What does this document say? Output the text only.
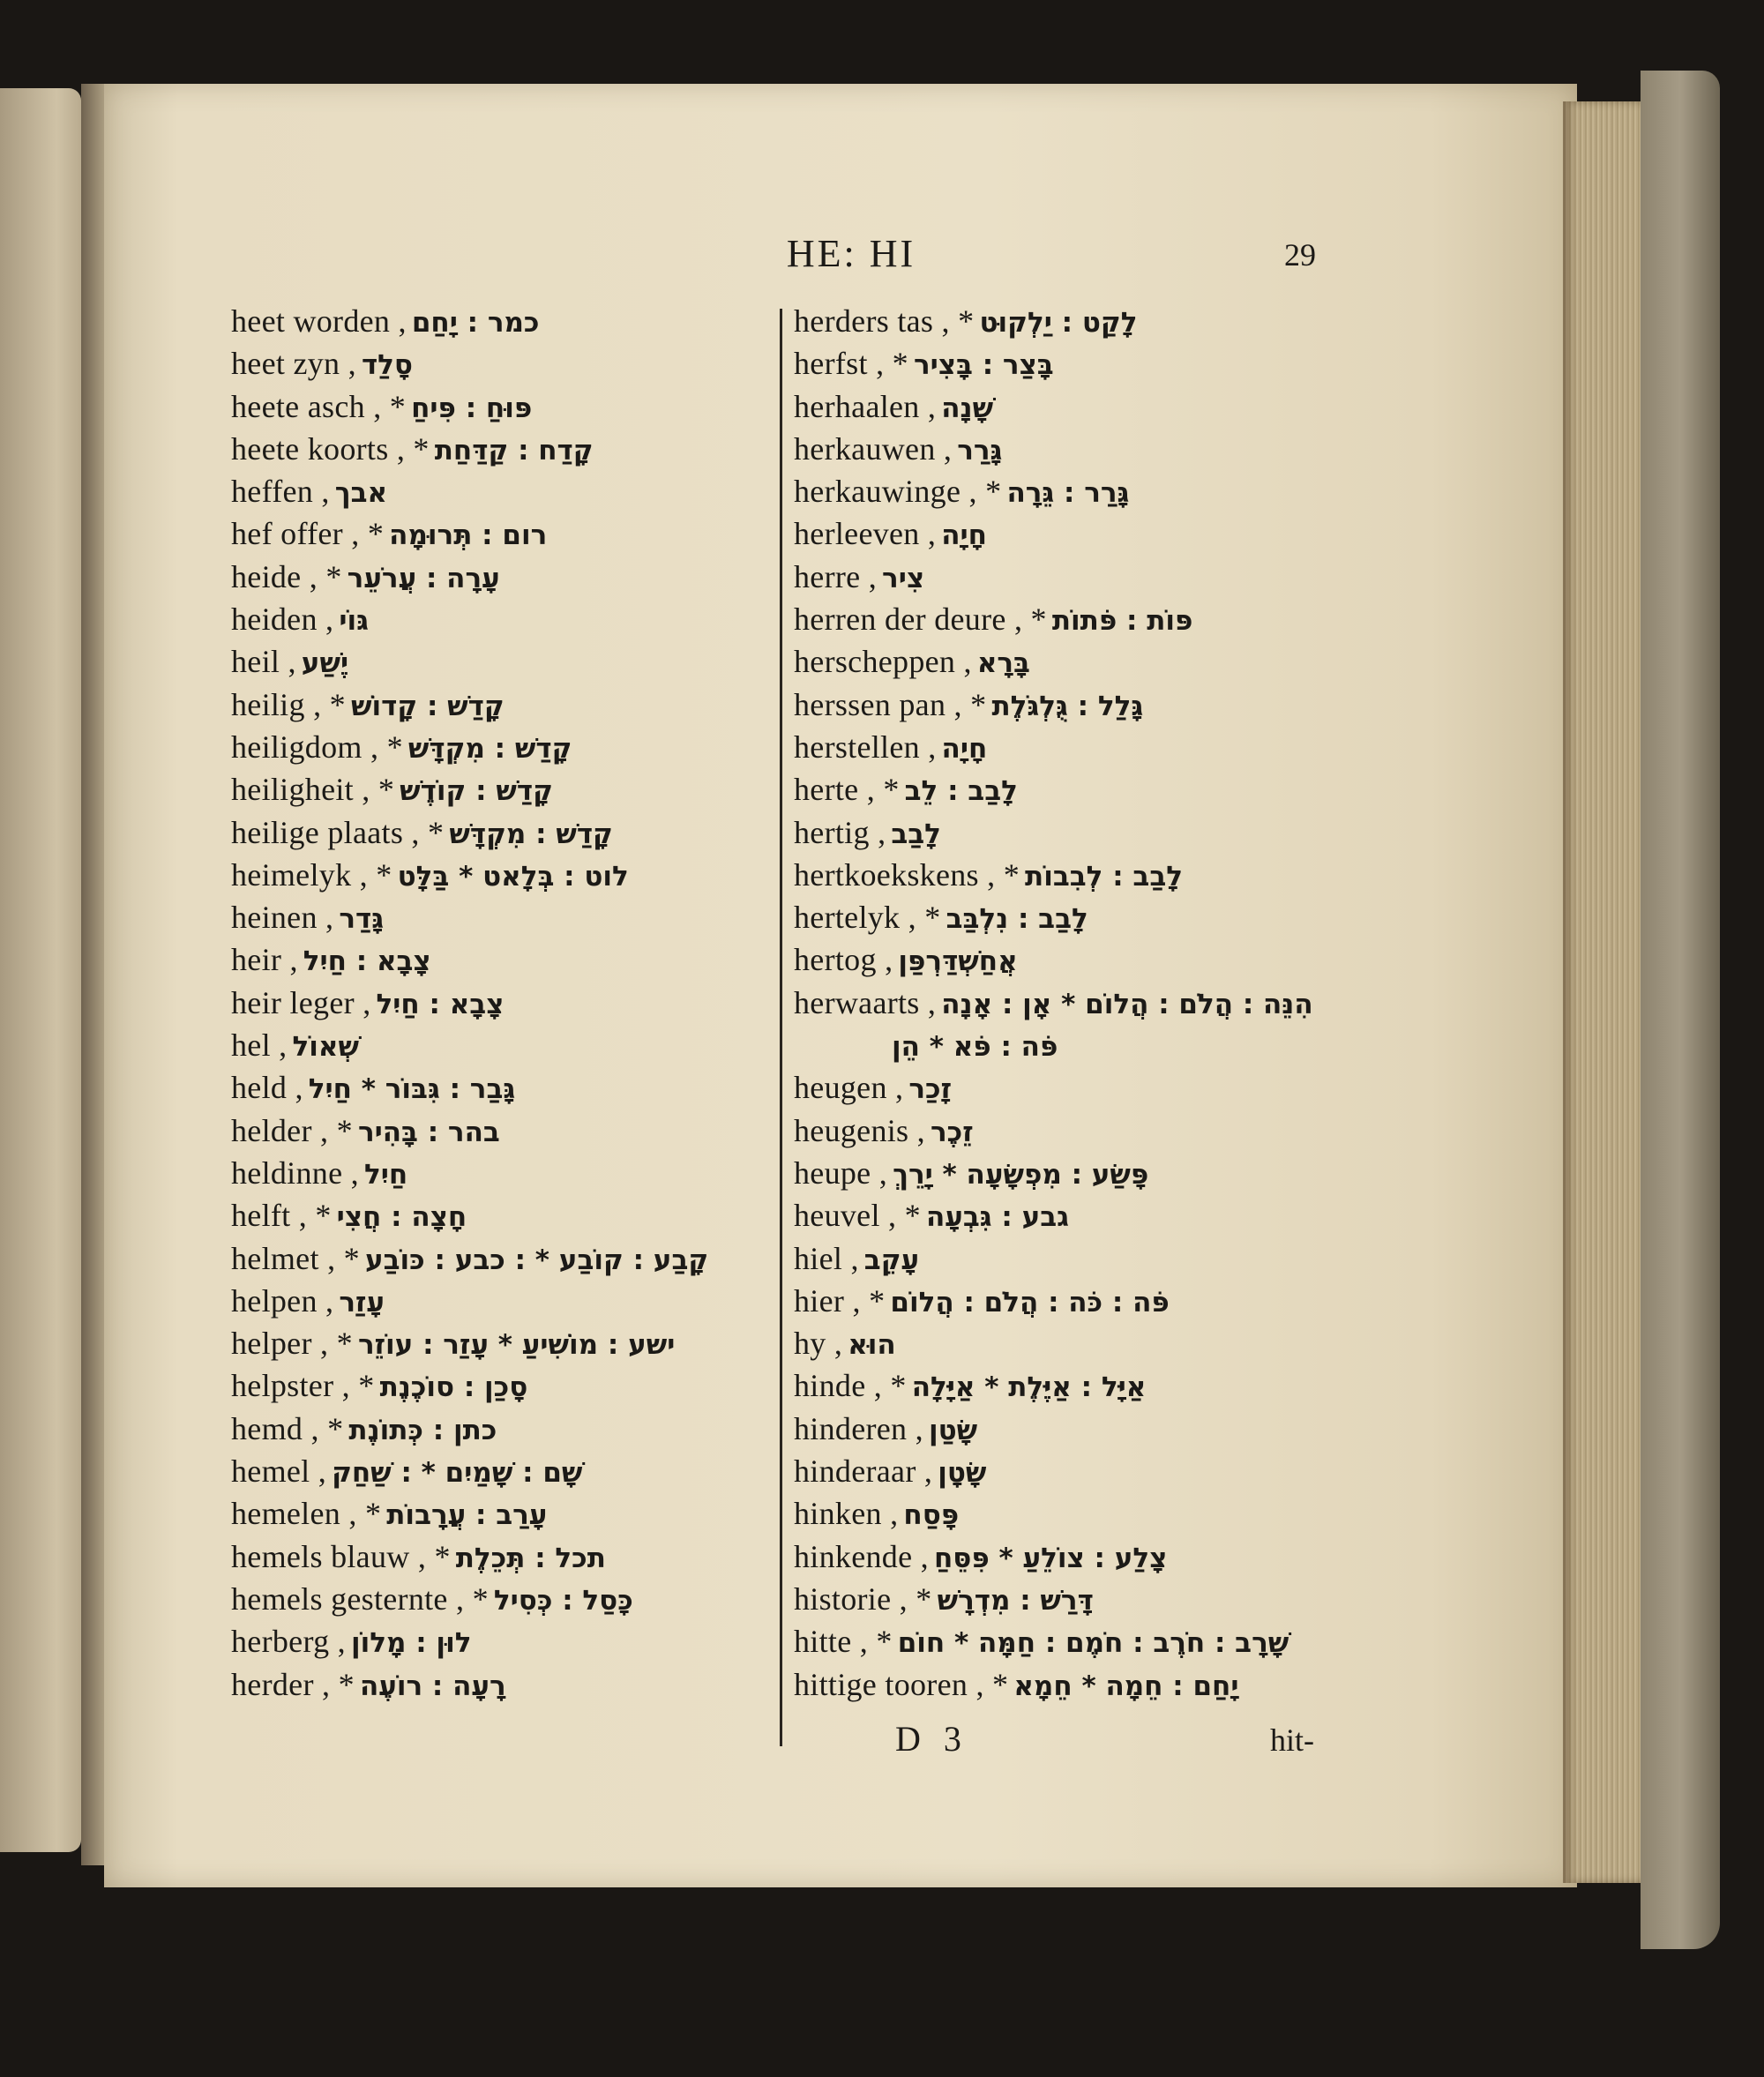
HE: HI	29
heet worden , כמר : יָחַם
heet zyn , סָלַד
heete asch , * פּוּחַ : פִּיחַ
heete koorts , * קָדַח : קַדַּחַת
heffen , אבך
hef offer , * רום : תְּרוּמָה
heide , * עָרָה : עֲרֹעֵר
heiden , גּוֹי
heil , יֶשַׁע
heilig , * קָדַשׁ : קָדוֹשׁ
heiligdom , * קָדַשׁ : מִקְדָּשׁ
heiligheit , * קָדַשׁ : קוֹדֶשׁ
heilige plaats , * קָדַשׁ : מִקְדָּשׁ
heimelyk , * לוט : בְּלָאט * בַּלָּט
heinen , גָּדַר
heir , צָבָא : חַיִל
heir leger , צָבָא : חַיִל
hel , שְׁאוֹל
held , גָּבַר : גִּבּוֹר * חַיִל
helder , * בהר : בָּהִיר
heldinne , חַיִל
helft , * חָצָה : חֲצִי
helmet , * קָבַע : קוֹבַע * : כבע : כּוֹבַע
helpen , עָזַר
helper , * ישע : מוֹשִׁיעַ * עָזַר : עוֹזֵר
helpster , * סָכַן : סוֹכֶנֶת
hemd , * כתן : כְּתוֹנֶת
hemel , שָׁם : שָׁמַיִם * : שַׁחַק
hemelen , * עָרַב : עֲרָבוֹת
hemels blauw , * תכל : תְּכֵלֶת
hemels gesternte , * כָּסַל : כְּסִיל
herberg , לוּן : מָלוֹן
herder , * רָעָה : רוֹעֶה
herders tas , * לָקַט : יַלְקוּט
herfst , * בָּצַר : בָּצִיר
herhaalen , שָׁנָה
herkauwen , גָּרַר
herkauwinge , * גָּרַר : גֵּרָה
herleeven , חָיָה
herre , צִיר
herren der deure , * פּוֹת : פֹּתוֹת
herscheppen , בָּרָא
herssen pan , * גָּלַל : גֻּלְגֹּלֶת
herstellen , חָיָה
herte , * לָבַב : לֵב
hertig , לָבַב
hertkoekskens , * לָבַב : לְבִבוֹת
hertelyk , * לָבַב : נִלְבַּב
hertog , אֲחַשְׁדַּרְפַּן
herwaarts , הִנֵּה : הֲלֹם : הֲלוֹם * אָן : אָנָה
פֹּה : פֹּא * הֵן
heugen , זָכַר
heugenis , זֵכֶר
heupe , פָּשַׂע : מִפְשָׂעָה * יָרֵךְ
heuvel , * גבע : גִּבְעָה
hiel , עָקֵב
hier , * פֹּה : כֹּה : הֲלֹם : הֲלוֹם
hy , הוּא
hinde , * אַיָּל : אַיֶּלֶת * אַיָּלָה
hinderen , שָׂטַן
hinderaar , שָׂטָן
hinken , פָּסַח
hinkende , צָלַע : צוֹלֵעַ * פִּסֵּחַ
historie , * דָּרַשׁ : מִדְרָשׁ
hitte , * שָׁרָב : חֹרֶב : חֹמֶם : חַמָּה * חוֹם
hittige tooren , * יָחַם : חֵמָה * חֵמָא
D 3	hit-
